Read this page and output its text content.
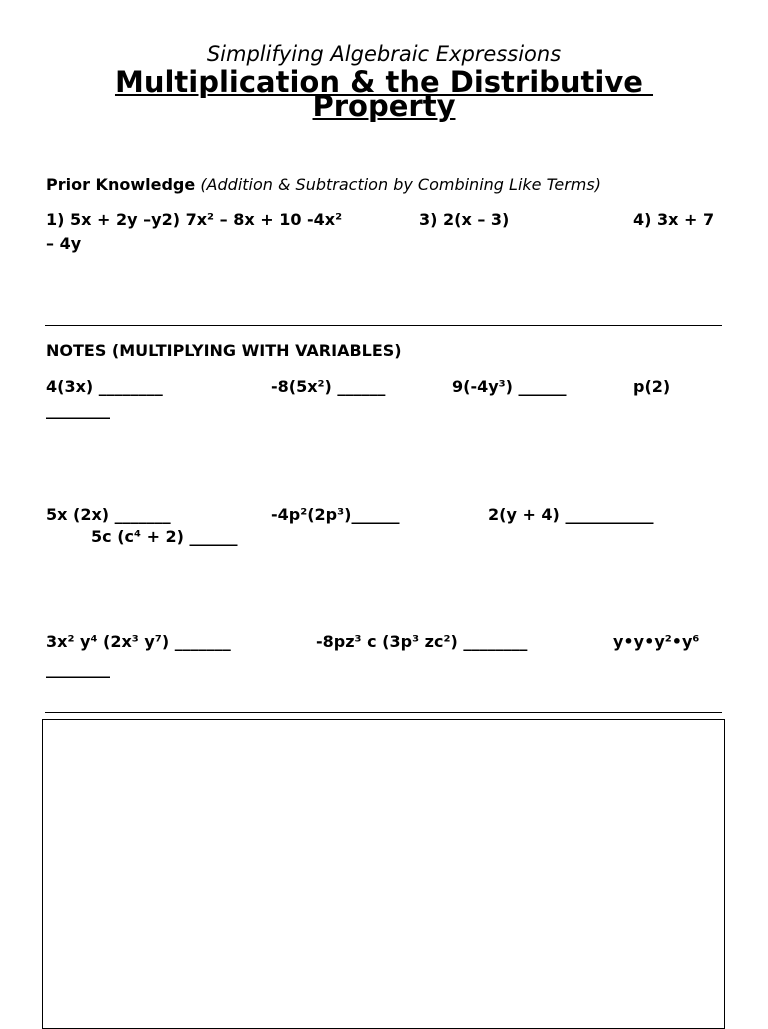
Simplifying Algebraic Expressions
Multiplication & the Distributive
Property
Prior Knowledge (Addition & Subtraction by Combining Like Terms)
1) 5x + 2y –y2) 7x² – 8x + 10 -4x²	3) 2(x – 3)	4) 3x + 7
– 4y
NOTES (MULTIPLYING WITH VARIABLES)
4(3x) ________	-8(5x²) ______	9(-4y³) ______	p(2)
________
5x (2x) _______	-4p²(2p³)______	2(y + 4) ___________
5c (c⁴ + 2) ______
3x² y⁴ (2x³ y⁷) _______	-8pz³ c (3p³ zc²) ________	y•y•y²•y⁶
________
